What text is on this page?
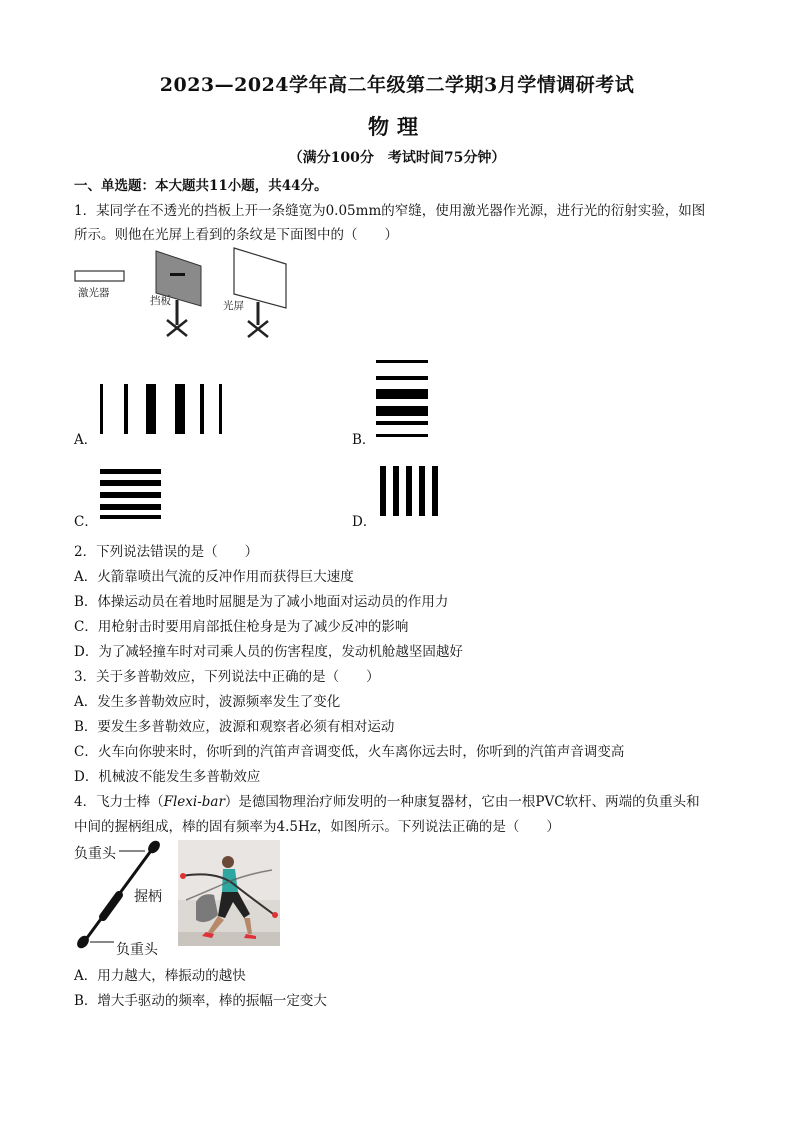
2023—2024学年高二年级第二学期3月学情调研考试
物理
（满分100分　考试时间75分钟）
一、单选题：本大题共11小题，共44分。
1．某同学在不透光的挡板上开一条缝宽为0.05mm的窄缝，使用激光器作光源，进行光的衍射实验，如图
所示。则他在光屏上看到的条纹是下面图中的（　　）
激光器
挡板	光屏
A．	B．
C．	D．
2．下列说法错误的是（　　）
A．火箭靠喷出气流的反冲作用而获得巨大速度
B．体操运动员在着地时屈腿是为了减小地面对运动员的作用力
C．用枪射击时要用肩部抵住枪身是为了减少反冲的影响
D．为了减轻撞车时对司乘人员的伤害程度，发动机舱越坚固越好
3．关于多普勒效应，下列说法中正确的是（　　）
A．发生多普勒效应时，波源频率发生了变化
B．要发生多普勒效应，波源和观察者必须有相对运动
C．火车向你驶来时，你听到的汽笛声音调变低，火车离你远去时，你听到的汽笛声音调变高
D．机械波不能发生多普勒效应
4．飞力士棒（Flexi-bar）是德国物理治疗师发明的一种康复器材，它由一根PVC软杆、两端的负重头和
中间的握柄组成，棒的固有频率为4.5Hz，如图所示。下列说法正确的是（　　）
负重头
握柄
负重头
A．用力越大，棒振动的越快
B．增大手驱动的频率，棒的振幅一定变大
